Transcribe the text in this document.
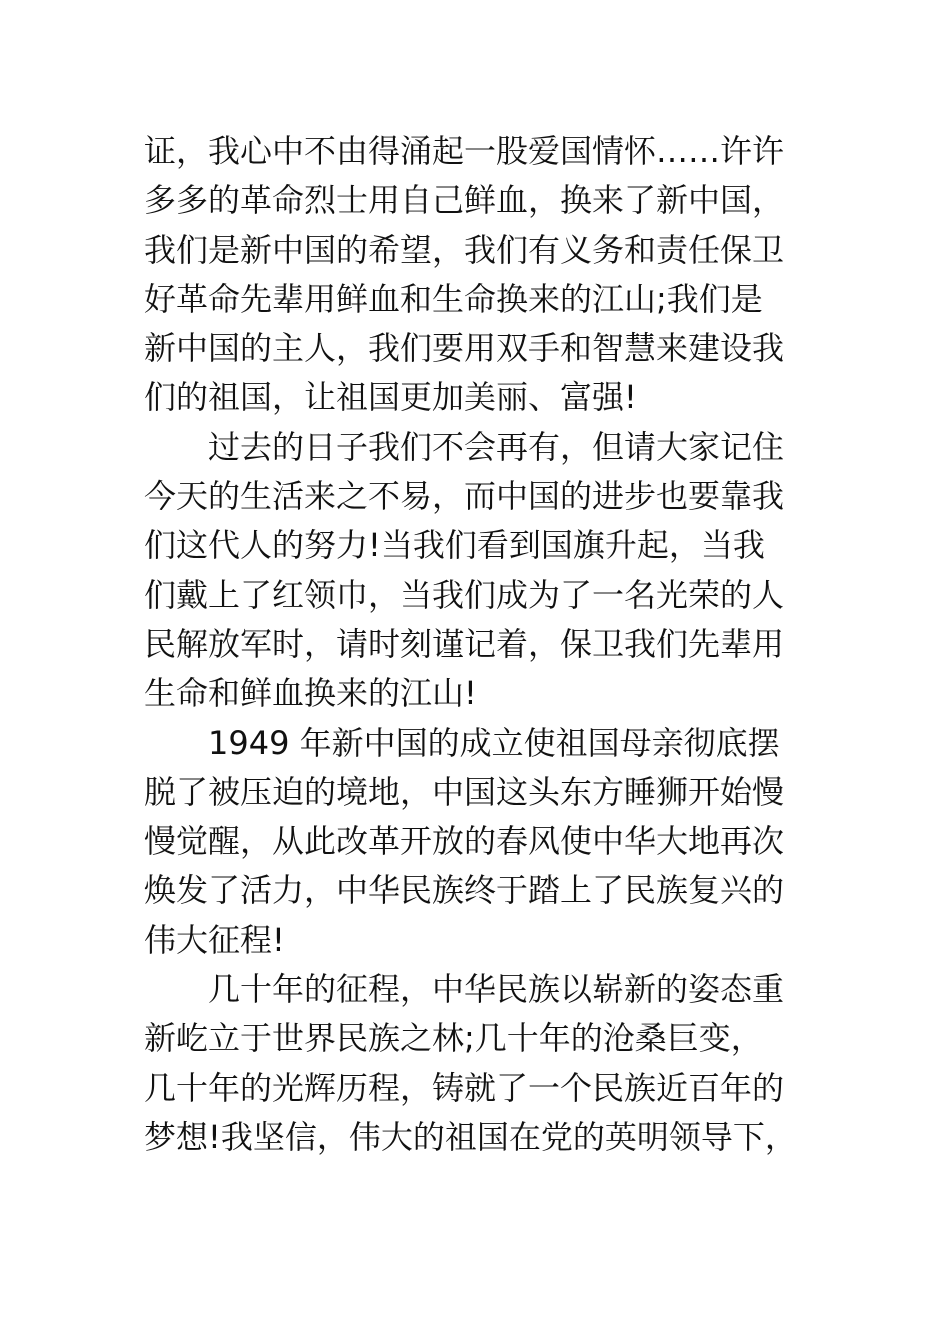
证，我心中不由得涌起一股爱国情怀……许许
多多的革命烈士用自己鲜血，换来了新中国，
我们是新中国的希望，我们有义务和责任保卫
好革命先辈用鲜血和生命换来的江山;我们是
新中国的主人，我们要用双手和智慧来建设我
们的祖国，让祖国更加美丽、富强!
过去的日子我们不会再有，但请大家记住
今天的生活来之不易，而中国的进步也要靠我
们这代人的努力!当我们看到国旗升起，当我
们戴上了红领巾，当我们成为了一名光荣的人
民解放军时，请时刻谨记着，保卫我们先辈用
生命和鲜血换来的江山!
1949 年新中国的成立使祖国母亲彻底摆
脱了被压迫的境地，中国这头东方睡狮开始慢
慢觉醒，从此改革开放的春风使中华大地再次
焕发了活力，中华民族终于踏上了民族复兴的
伟大征程!
几十年的征程，中华民族以崭新的姿态重
新屹立于世界民族之林;几十年的沧桑巨变，
几十年的光辉历程，铸就了一个民族近百年的
梦想!我坚信，伟大的祖国在党的英明领导下，
